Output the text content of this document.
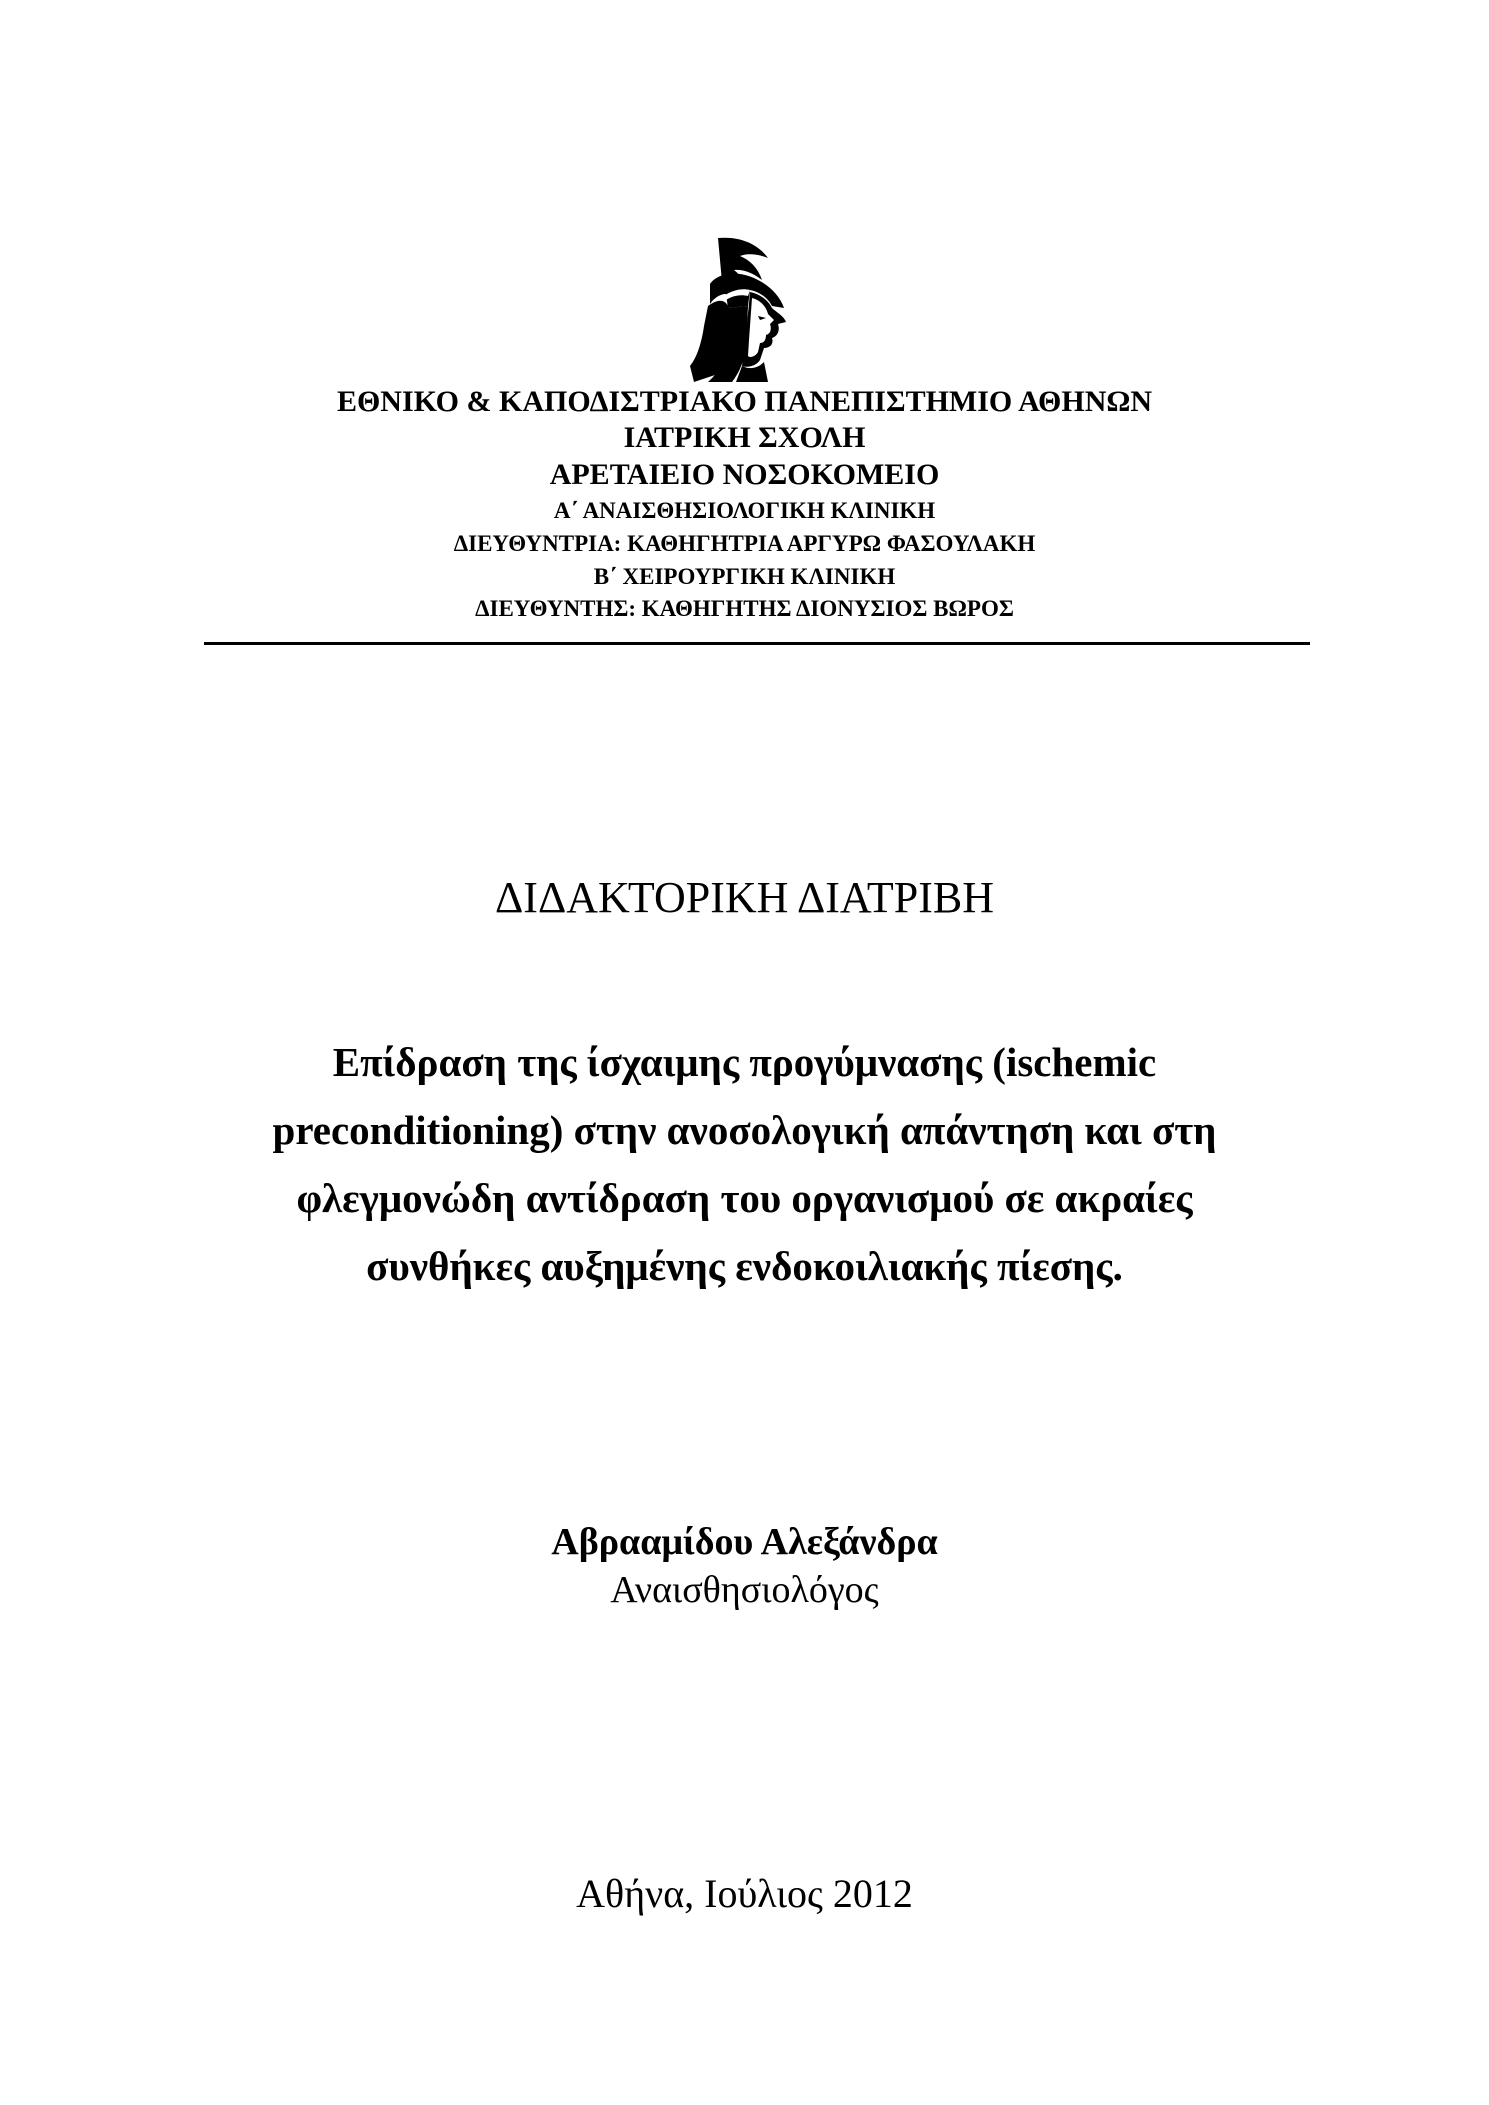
ΕΘΝΙΚΟ & ΚΑΠΟΔΙΣΤΡΙΑΚΟ ΠΑΝΕΠΙΣΤΗΜΙΟ ΑΘΗΝΩΝ
ΙΑΤΡΙΚΗ ΣΧΟΛΗ
ΑΡΕΤΑΙΕΙΟ ΝΟΣΟΚΟΜΕΙΟ
Α΄ ΑΝΑΙΣΘΗΣΙΟΛΟΓΙΚΗ ΚΛΙΝΙΚΗ
ΔΙΕΥΘΥΝΤΡΙΑ: ΚΑΘΗΓΗΤΡΙΑ ΑΡΓΥΡΩ ΦΑΣΟΥΛΑΚΗ
Β΄ ΧΕΙΡΟΥΡΓΙΚΗ ΚΛΙΝΙΚΗ
ΔΙΕΥΘΥΝΤΗΣ: ΚΑΘΗΓΗΤΗΣ ΔΙΟΝΥΣΙΟΣ ΒΩΡΟΣ
ΔΙΔΑΚΤΟΡΙΚΗ ΔΙΑΤΡΙΒΗ
Επίδραση της ίσχαιμης προγύμνασης (ischemic
preconditioning) στην ανοσολογική απάντηση και στη
φλεγμονώδη αντίδραση του οργανισμού σε ακραίες
συνθήκες αυξημένης ενδοκοιλιακής πίεσης.
Αβρααμίδου Αλεξάνδρα
Αναισθησιολόγος
Αθήνα, Ιούλιος 2012
